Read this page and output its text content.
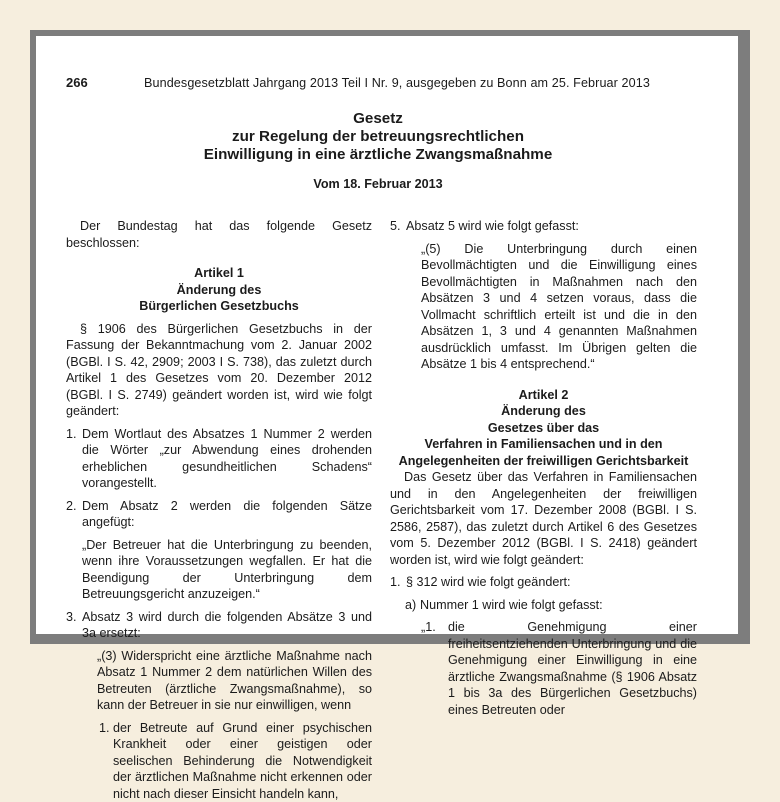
266	Bundesgesetzblatt Jahrgang 2013 Teil I Nr. 9, ausgegeben zu Bonn am 25. Februar 2013
Gesetz
zur Regelung der betreuungsrechtlichen
Einwilligung in eine ärztliche Zwangsmaßnahme
Vom 18. Februar 2013

Der Bundestag hat das folgende Gesetz beschlossen:

Artikel 1
Änderung des
Bürgerlichen Gesetzbuchs

§ 1906 des Bürgerlichen Gesetzbuchs in der Fassung der Bekanntmachung vom 2. Januar 2002 (BGBl. I S. 42, 2909; 2003 I S. 738), das zuletzt durch Artikel 1 des Gesetzes vom 20. Dezember 2012 (BGBl. I S. 2749) geändert worden ist, wird wie folgt geändert:

1. Dem Wortlaut des Absatzes 1 Nummer 2 werden die Wörter „zur Abwendung eines drohenden erheblichen gesundheitlichen Schadens“ vorangestellt.

2. Dem Absatz 2 werden die folgenden Sätze angefügt:

„Der Betreuer hat die Unterbringung zu beenden, wenn ihre Voraussetzungen wegfallen. Er hat die Beendigung der Unterbringung dem Betreuungsgericht anzuzeigen.“

3. Absatz 3 wird durch die folgenden Absätze 3 und 3a ersetzt:

„(3) Widerspricht eine ärztliche Maßnahme nach Absatz 1 Nummer 2 dem natürlichen Willen des Betreuten (ärztliche Zwangsmaßnahme), so kann der Betreuer in sie nur einwilligen, wenn

1. der Betreute auf Grund einer psychischen Krankheit oder einer geistigen oder seelischen Behinderung die Notwendigkeit der ärztlichen Maßnahme nicht erkennen oder nicht nach dieser Einsicht handeln kann,

5. Absatz 5 wird wie folgt gefasst:

„(5) Die Unterbringung durch einen Bevollmächtigten und die Einwilligung eines Bevollmächtigten in Maßnahmen nach den Absätzen 3 und 4 setzen voraus, dass die Vollmacht schriftlich erteilt ist und die in den Absätzen 1, 3 und 4 genannten Maßnahmen ausdrücklich umfasst. Im Übrigen gelten die Absätze 1 bis 4 entsprechend.“

Artikel 2
Änderung des
Gesetzes über das
Verfahren in Familiensachen und in den
Angelegenheiten der freiwilligen Gerichtsbarkeit

Das Gesetz über das Verfahren in Familiensachen und in den Angelegenheiten der freiwilligen Gerichtsbarkeit vom 17. Dezember 2008 (BGBl. I S. 2586, 2587), das zuletzt durch Artikel 6 des Gesetzes vom 5. Dezember 2012 (BGBl. I S. 2418) geändert worden ist, wird wie folgt geändert:

1. § 312 wird wie folgt geändert:

a) Nummer 1 wird wie folgt gefasst:

„1. die Genehmigung einer freiheitsentziehenden Unterbringung und die Genehmigung einer Einwilligung in eine ärztliche Zwangsmaßnahme (§ 1906 Absatz 1 bis 3a des Bürgerlichen Gesetzbuchs) eines Betreuten oder
